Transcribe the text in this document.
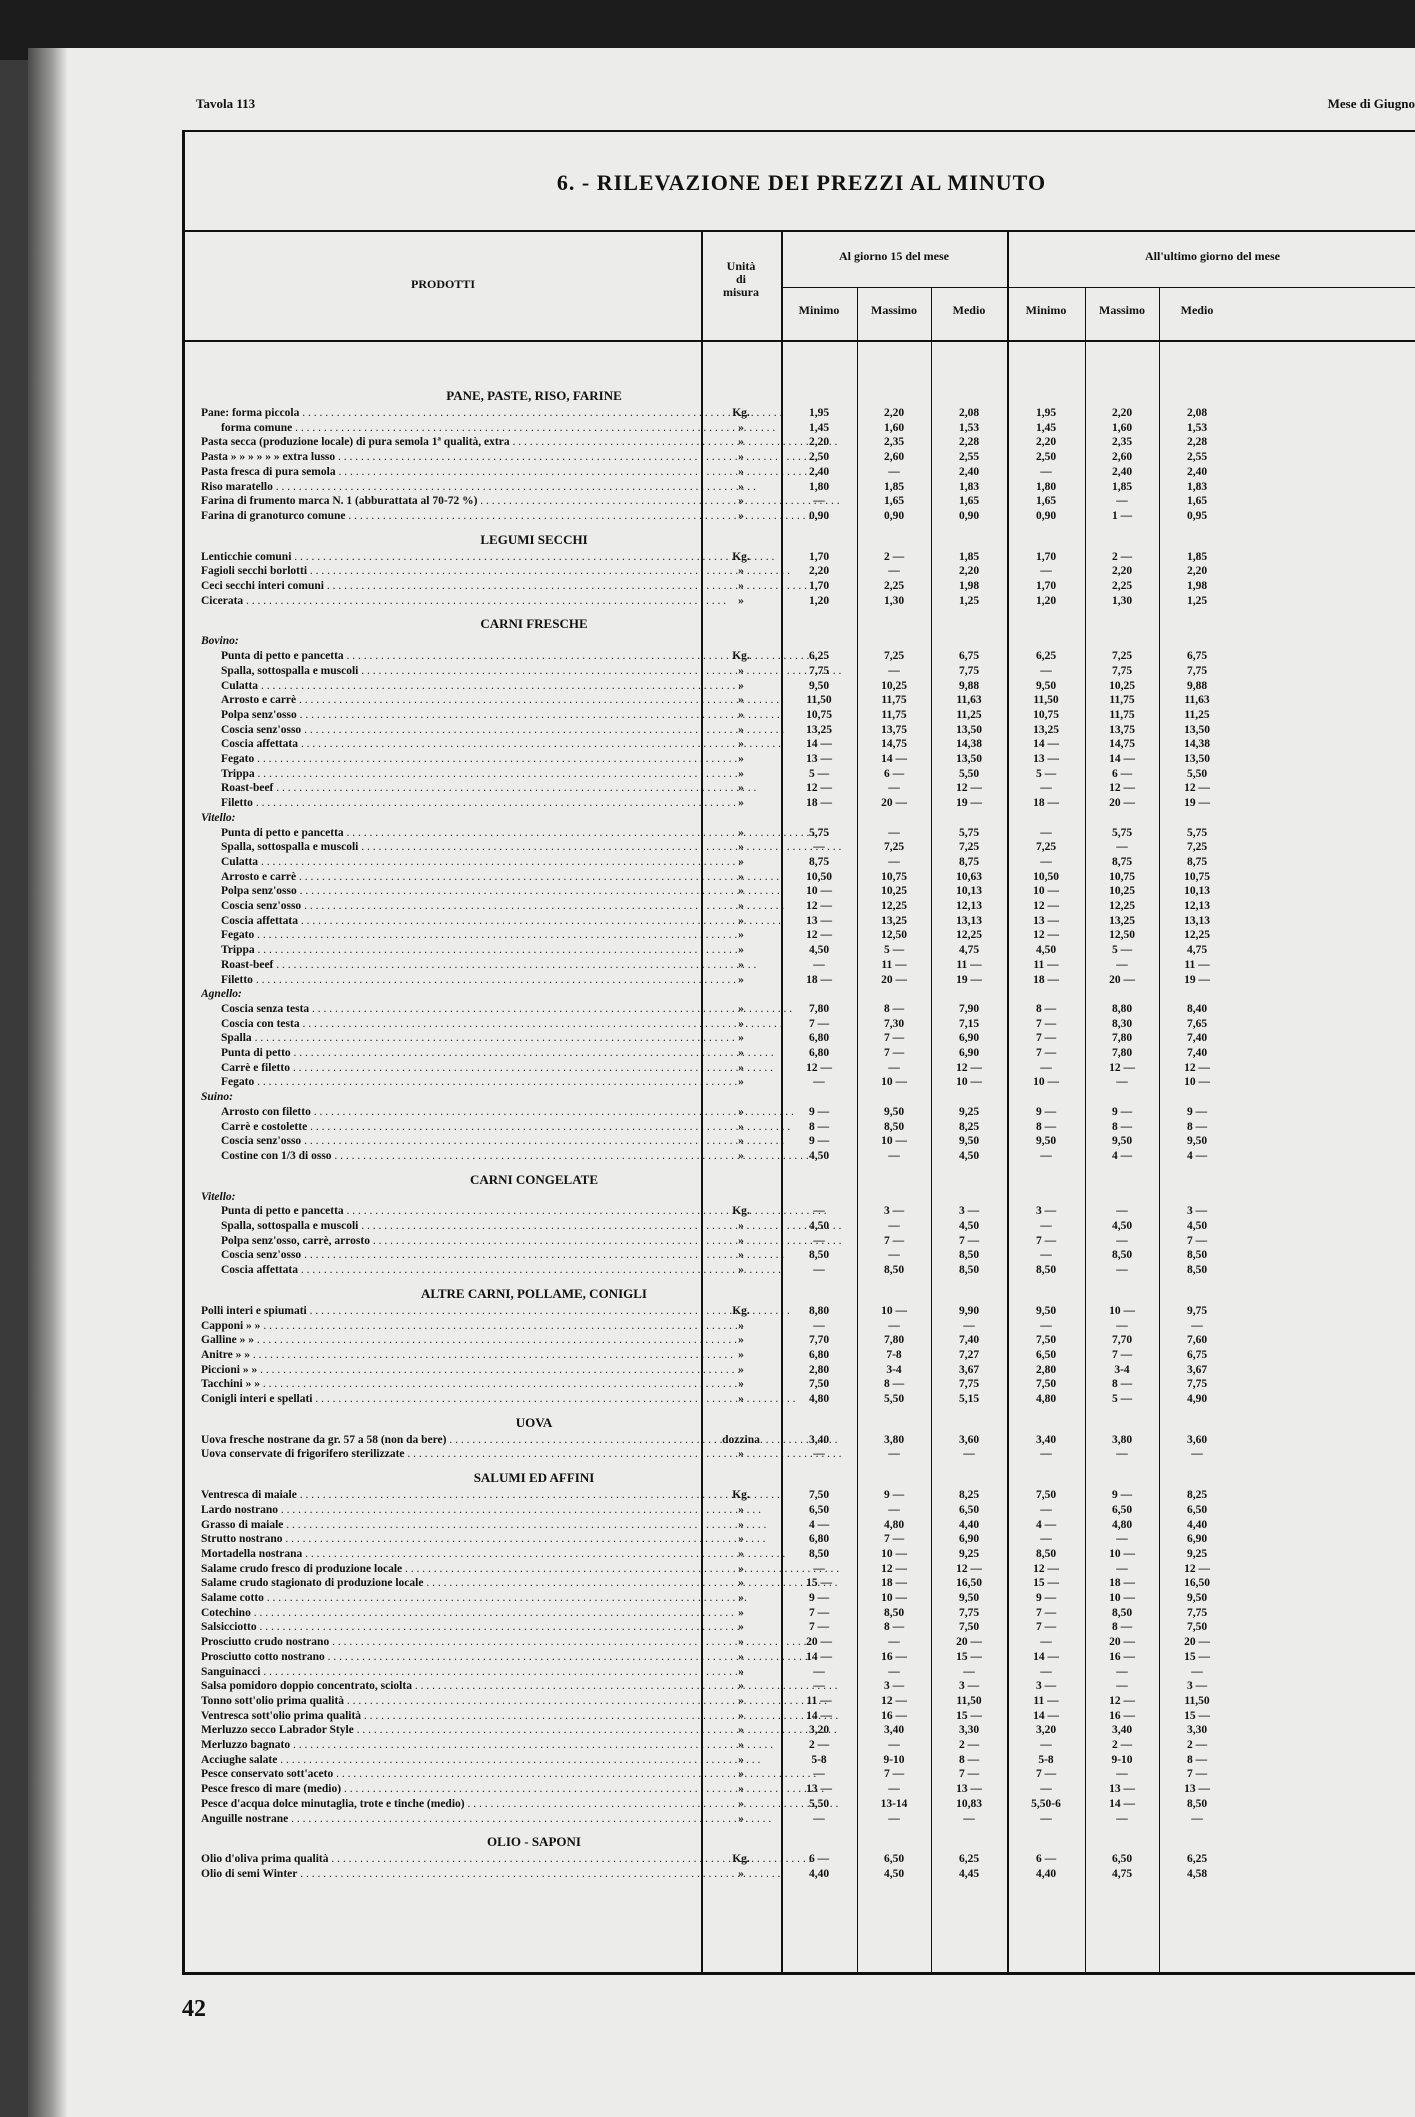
Tavola 113	Mese di Giugno
42
6. - RILEVAZIONE DEI PREZZI AL MINUTO
PRODOTTI
Unità
di
misura
Al giorno 15 del mese	All'ultimo giorno del mese
Minimo	Massimo	Medio	Minimo	Massimo	Medio
PANE, PASTE, RISO, FARINE
Pane: forma piccola . . .	Kg.	1,95	2,20	2,08	1,95	2,20	2,08
forma comune . . .	»	1,45	1,60	1,53	1,45	1,60	1,53
Pasta secca (produzione locale) di pura semola 1ª qualità, extra . . .	»	2,20	2,35	2,28	2,20	2,35	2,28
Pasta » » » » » » extra lusso . . .	»	2,50	2,60	2,55	2,50	2,60	2,55
Pasta fresca di pura semola . . .	»	2,40	—	2,40	—	2,40	2,40
Riso maratello . . .	»	1,80	1,85	1,83	1,80	1,85	1,83
Farina di frumento marca N. 1 (abburattata al 70-72 %) . . .	»	—	1,65	1,65	1,65	—	1,65
Farina di granoturco comune . . .	»	0,90	0,90	0,90	0,90	1 —	0,95
LEGUMI SECCHI
Lenticchie comuni . . .	Kg.	1,70	2 —	1,85	1,70	2 —	1,85
Fagioli secchi borlotti . . .	»	2,20	—	2,20	—	2,20	2,20
Ceci secchi interi comuni . . .	»	1,70	2,25	1,98	1,70	2,25	1,98
Cicerata . . .	»	1,20	1,30	1,25	1,20	1,30	1,25
CARNI FRESCHE
Bovino:
Punta di petto e pancetta . . .	Kg.	6,25	7,25	6,75	6,25	7,25	6,75
Spalla, sottospalla e muscoli . . .	»	7,75	—	7,75	—	7,75	7,75
Culatta . . .	»	9,50	10,25	9,88	9,50	10,25	9,88
Arrosto e carrè . . .	»	11,50	11,75	11,63	11,50	11,75	11,63
Polpa senz'osso . . .	»	10,75	11,75	11,25	10,75	11,75	11,25
Coscia senz'osso . . .	»	13,25	13,75	13,50	13,25	13,75	13,50
Coscia affettata . . .	»	14 —	14,75	14,38	14 —	14,75	14,38
Fegato . . .	»	13 —	14 —	13,50	13 —	14 —	13,50
Trippa . . .	»	5 —	6 —	5,50	5 —	6 —	5,50
Roast-beef . . .	»	12 —	—	12 —	—	12 —	12 —
Filetto . . .	»	18 —	20 —	19 —	18 —	20 —	19 —
Vitello:
Punta di petto e pancetta . . .	»	5,75	—	5,75	—	5,75	5,75
Spalla, sottospalla e muscoli . . .	»	—	7,25	7,25	7,25	—	7,25
Culatta . . .	»	8,75	—	8,75	—	8,75	8,75
Arrosto e carrè . . .	»	10,50	10,75	10,63	10,50	10,75	10,75
Polpa senz'osso . . .	»	10 —	10,25	10,13	10 —	10,25	10,13
Coscia senz'osso . . .	»	12 —	12,25	12,13	12 —	12,25	12,13
Coscia affettata . . .	»	13 —	13,25	13,13	13 —	13,25	13,13
Fegato . . .	»	12 —	12,50	12,25	12 —	12,50	12,25
Trippa . . .	»	4,50	5 —	4,75	4,50	5 —	4,75
Roast-beef . . .	»	—	11 —	11 —	11 —	—	11 —
Filetto . . .	»	18 —	20 —	19 —	18 —	20 —	19 —
Agnello:
Coscia senza testa . . .	»	7,80	8 —	7,90	8 —	8,80	8,40
Coscia con testa . . .	»	7 —	7,30	7,15	7 —	8,30	7,65
Spalla . . .	»	6,80	7 —	6,90	7 —	7,80	7,40
Punta di petto . . .	»	6,80	7 —	6,90	7 —	7,80	7,40
Carrè e filetto . . .	»	12 —	—	12 —	—	12 —	12 —
Fegato . . .	»	—	10 —	10 —	10 —	—	10 —
Suino:
Arrosto con filetto . . .	»	9 —	9,50	9,25	9 —	9 —	9 —
Carrè e costolette . . .	»	8 —	8,50	8,25	8 —	8 —	8 —
Coscia senz'osso . . .	»	9 —	10 —	9,50	9,50	9,50	9,50
Costine con 1/3 di osso . . .	»	4,50	—	4,50	—	4 —	4 —
CARNI CONGELATE
Vitello:
Punta di petto e pancetta . . .	Kg.	—	3 —	3 —	3 —	—	3 —
Spalla, sottospalla e muscoli . . .	»	4,50	—	4,50	—	4,50	4,50
Polpa senz'osso, carrè, arrosto . . .	»	—	7 —	7 —	7 —	—	7 —
Coscia senz'osso . . .	»	8,50	—	8,50	—	8,50	8,50
Coscia affettata . . .	»	—	8,50	8,50	8,50	—	8,50
ALTRE CARNI, POLLAME, CONIGLI
Polli interi e spiumati . . .	Kg.	8,80	10 —	9,90	9,50	10 —	9,75
Capponi » » . . .	»	—	—	—	—	—	—
Galline » » . . .	»	7,70	7,80	7,40	7,50	7,70	7,60
Anitre » » . . .	»	6,80	7-8	7,27	6,50	7 —	6,75
Piccioni » » . . .	»	2,80	3-4	3,67	2,80	3-4	3,67
Tacchini » » . . .	»	7,50	8 —	7,75	7,50	8 —	7,75
Conigli interi e spellati . . .	»	4,80	5,50	5,15	4,80	5 —	4,90
UOVA
Uova fresche nostrane da gr. 57 a 58 (non da bere) . . .	dozzina	3,40	3,80	3,60	3,40	3,80	3,60
Uova conservate di frigorifero sterilizzate . . .	»	—	—	—	—	—	—
SALUMI ED AFFINI
Ventresca di maiale . . .	Kg.	7,50	9 —	8,25	7,50	9 —	8,25
Lardo nostrano . . .	»	6,50	—	6,50	—	6,50	6,50
Grasso di maiale . . .	»	4 —	4,80	4,40	4 —	4,80	4,40
Strutto nostrano . . .	»	6,80	7 —	6,90	—	—	6,90
Mortadella nostrana . . .	»	8,50	10 —	9,25	8,50	10 —	9,25
Salame crudo fresco di produzione locale . . .	»	—	12 —	12 —	12 —	—	12 —
Salame crudo stagionato di produzione locale . . .	»	15 —	18 —	16,50	15 —	18 —	16,50
Salame cotto . . .	»	9 —	10 —	9,50	9 —	10 —	9,50
Cotechino . . .	»	7 —	8,50	7,75	7 —	8,50	7,75
Salsicciotto . . .	»	7 —	8 —	7,50	7 —	8 —	7,50
Prosciutto crudo nostrano . . .	»	20 —	—	20 —	—	20 —	20 —
Prosciutto cotto nostrano . . .	»	14 —	16 —	15 —	14 —	16 —	15 —
Sanguinacci . . .	»	—	—	—	—	—	—
Salsa pomidoro doppio concentrato, sciolta . . .	»	—	3 —	3 —	3 —	—	3 —
Tonno sott'olio prima qualità . . .	»	11 —	12 —	11,50	11 —	12 —	11,50
Ventresca sott'olio prima qualità . . .	»	14 —	16 —	15 —	14 —	16 —	15 —
Merluzzo secco Labrador Style . . .	»	3,20	3,40	3,30	3,20	3,40	3,30
Merluzzo bagnato . . .	»	2 —	—	2 —	—	2 —	2 —
Acciughe salate . . .	»	5-8	9-10	8 —	5-8	9-10	8 —
Pesce conservato sott'aceto . . .	»	—	7 —	7 —	7 —	—	7 —
Pesce fresco di mare (medio) . . .	»	13 —	—	13 —	—	13 —	13 —
Pesce d'acqua dolce minutaglia, trote e tinche (medio) . . .	»	5,50	13-14	10,83	5,50-6	14 —	8,50
Anguille nostrane . . .	»	—	—	—	—	—	—
OLIO - SAPONI
Olio d'oliva prima qualità . . .	Kg.	6 —	6,50	6,25	6 —	6,50	6,25
Olio di semi Winter . . .	»	4,40	4,50	4,45	4,40	4,75	4,58
